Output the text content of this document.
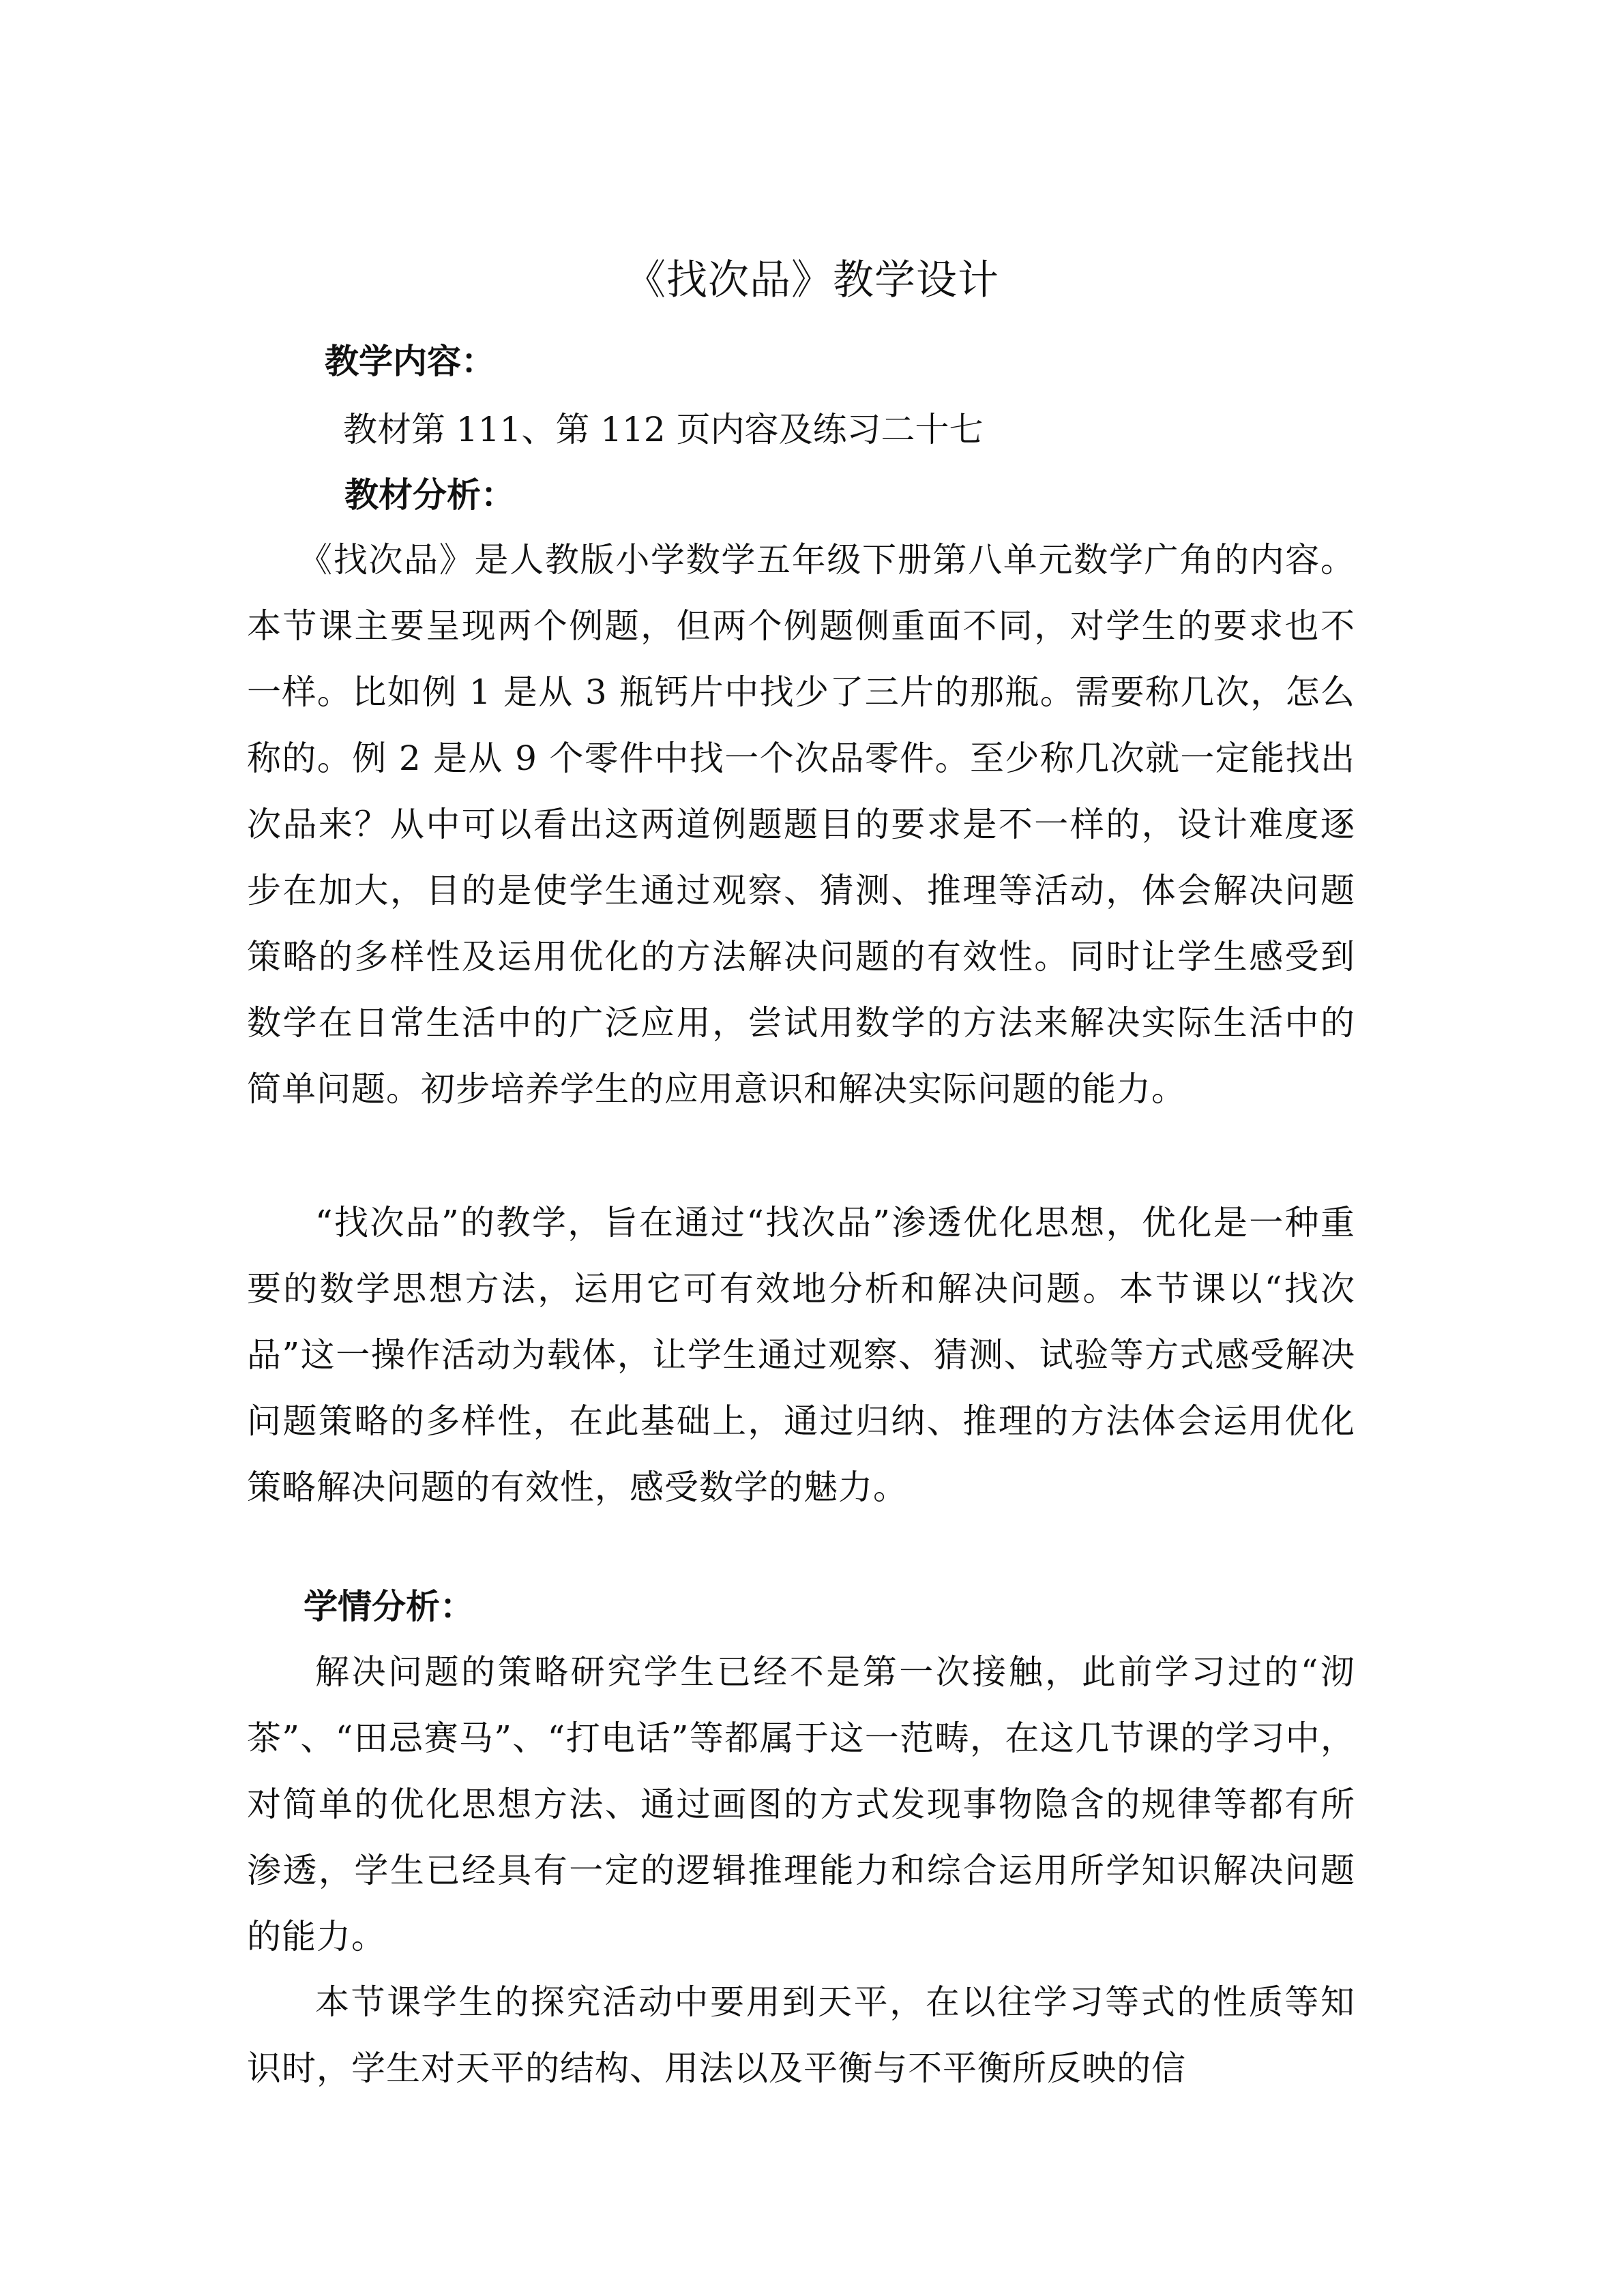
《找次品》教学设计
教学内容：
教材第 111、第 112 页内容及练习二十七
教材分析：

《找次品》是人教版小学数学五年级下册第八单元数学广角的内容。本节课主要呈现两个例题，但两个例题侧重面不同，对学生的要求也不一样。比如例 1 是从 3 瓶钙片中找少了三片的那瓶。需要称几次，怎么称的。例 2 是从 9 个零件中找一个次品零件。至少称几次就一定能找出次品来？从中可以看出这两道例题题目的要求是不一样的，设计难度逐步在加大，目的是使学生通过观察、猜测、推理等活动，体会解决问题策略的多样性及运用优化的方法解决问题的有效性。同时让学生感受到数学在日常生活中的广泛应用，尝试用数学的方法来解决实际生活中的简单问题。初步培养学生的应用意识和解决实际问题的能力。

“找次品”的教学，旨在通过“找次品”渗透优化思想，优化是一种重要的数学思想方法，运用它可有效地分析和解决问题。本节课以“找次品”这一操作活动为载体，让学生通过观察、猜测、试验等方式感受解决问题策略的多样性，在此基础上，通过归纳、推理的方法体会运用优化策略解决问题的有效性，感受数学的魅力。

学情分析：

解决问题的策略研究学生已经不是第一次接触，此前学习过的“沏茶”、“田忌赛马”、“打电话”等都属于这一范畴，在这几节课的学习中，对简单的优化思想方法、通过画图的方式发现事物隐含的规律等都有所渗透，学生已经具有一定的逻辑推理能力和综合运用所学知识解决问题的能力。

本节课学生的探究活动中要用到天平，在以往学习等式的性质等知识时，学生对天平的结构、用法以及平衡与不平衡所反映的信
